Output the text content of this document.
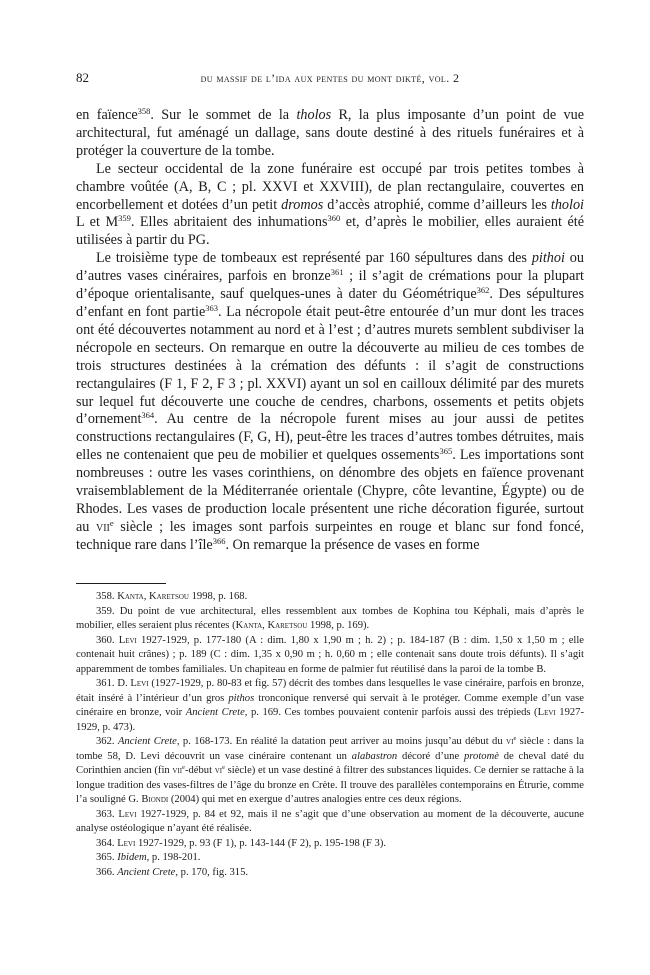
82	du massif de l’ida aux pentes du mont dikté, vol. 2

en faïence$^{358}$. Sur le sommet de la tholos R, la plus imposante d’un point de vue architectural, fut aménagé un dallage, sans doute destiné à des rituels funéraires et à protéger la couverture de la tombe.

Le secteur occidental de la zone funéraire est occupé par trois petites tombes à chambre voûtée (A, B, C ; pl. XXVI et XXVIII), de plan rectangulaire, couvertes en encorbellement et dotées d’un petit dromos d’accès atrophié, comme d’ailleurs les tholoi L et $M^{359}$. Elles abritaient des inhumations$^{360}$ et, d’après le mobilier, elles auraient été utilisées à partir du PG.

Le troisième type de tombeaux est représenté par 160 sépultures dans des pithoi ou d’autres vases cinéraires, parfois en bronze$^{361}$ ; il s’agit de crémations pour la plupart d’époque orientalisante, sauf quelques-unes à dater du Géométrique$^{362}$. Des sépultures d’enfant en font partie$^{363}$. La nécropole était peut-être entourée d’un mur dont les traces ont été découvertes notamment au nord et à l’est ; d’autres murets semblent subdiviser la nécropole en secteurs. On remarque en outre la découverte au milieu de ces tombes de trois structures destinées à la crémation des défunts : il s’agit de constructions rectangulaires (F 1, F 2, F 3 ; pl. XXVI) ayant un sol en cailloux délimité par des murets sur lequel fut découverte une couche de cendres, charbons, ossements et petits objets d’ornement$^{364}$. Au centre de la nécropole furent mises au jour aussi de petites constructions rectangulaires (F, G, H), peut-être les traces d’autres tombes détruites, mais elles ne contenaient que peu de mobilier et quelques ossements$^{365}$. Les importations sont nombreuses : outre les vases corinthiens, on dénombre des objets en faïence provenant vraisemblablement de la Méditerranée orientale (Chypre, côte levantine, Égypte) ou de Rhodes. Les vases de production locale présentent une riche décoration figurée, surtout au vii$^e$ siècle ; les images sont parfois surpeintes en rouge et blanc sur fond foncé, technique rare dans l’île$^{366}$. On remarque la présence de vases en forme

358. Kanta, Karetsou 1998, p. 168.

359. Du point de vue architectural, elles ressemblent aux tombes de Kophina tou Képhali, mais d’après le mobilier, elles seraient plus récentes (Kanta, Karetsou 1998, p. 169).

360. Levi 1927-1929, p. 177-180 (A : dim. 1,80 x 1,90 m ; h. 2) ; p. 184-187 (B : dim. 1,50 x 1,50 m ; elle contenait huit crânes) ; p. 189 (C : dim. 1,35 x 0,90 m ; h. 0,60 m ; elle contenait sans doute trois défunts). Il s’agit apparemment de tombes familiales. Un chapiteau en forme de palmier fut réutilisé dans la paroi de la tombe B.

361. D. Levi (1927-1929, p. 80-83 et fig. 57) décrit des tombes dans lesquelles le vase cinéraire, parfois en bronze, était inséré à l’intérieur d’un gros pithos tronconique renversé qui servait à le protéger. Comme exemple d’un vase cinéraire en bronze, voir Ancient Crete, p. 169. Ces tombes pouvaient contenir parfois aussi des trépieds (Levi 1927-1929, p. 473).

362. Ancient Crete, p. 168-173. En réalité la datation peut arriver au moins jusqu’au début du $vi^e$ siècle : dans la tombe 58, D. Levi découvrit un vase cinéraire contenant un alabastron décoré d’une protomè de cheval daté du Corinthien ancien (fin vii$^e$-début $vi^e$ siècle) et un vase destiné à filtrer des substances liquides. Ce dernier se rattache à la longue tradition des vases-filtres de l’âge du bronze en Crète. Il trouve des parallèles contemporains en Étrurie, comme l’a souligné G. Biondi (2004) qui met en exergue d’autres analogies entre ces deux régions.

363. Levi 1927-1929, p. 84 et 92, mais il ne s’agit que d’une observation au moment de la découverte, aucune analyse ostéologique n’ayant été réalisée.

364. Levi 1927-1929, p. 93 (F 1), p. 143-144 (F 2), p. 195-198 (F 3).

365. Ibidem, p. 198-201.

366. Ancient Crete, p. 170, fig. 315.
